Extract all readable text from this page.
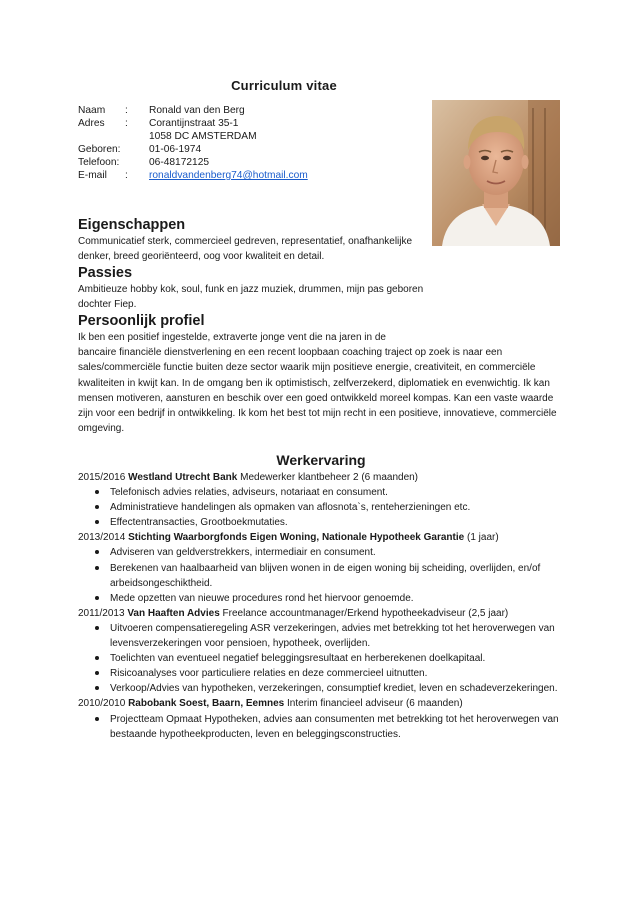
Curriculum vitae
Naam	:	Ronald van den Berg
Adres	:	Corantijnstraat 35-1
1058 DC AMSTERDAM
Geboren:	01-06-1974
Telefoon:	06-48172125
E-mail	:	ronaldvandenberg74@hotmail.com
Eigenschappen

Communicatief sterk, commercieel gedreven, representatief, onafhankelijke denker, breed georiënteerd, oog voor kwaliteit en detail.

Passies

Ambitieuze hobby kok, soul, funk en jazz muziek, drummen, mijn pas geboren dochter Fiep.

Persoonlijk profiel

Ik ben een positief ingestelde, extraverte jonge vent die na jaren in de

bancaire financiële dienstverlening en een recent loopbaan coaching traject op zoek is naar een sales/commerciële functie buiten deze sector waarik mijn positieve energie, creativiteit, en commerciële kwaliteiten in kwijt kan. In de omgang ben ik optimistisch, zelfverzekerd, diplomatiek en evenwichtig. Ik kan mensen motiveren, aansturen en beschik over een goed ontwikkeld moreel kompas. Kan een vaste waarde zijn voor een bedrijf in ontwikkeling. Ik kom het best tot mijn recht in een positieve, innovatieve, commerciële omgeving.

Werkervaring

2015/2016 Westland Utrecht Bank Medewerker klantbeheer 2 (6 maanden)

Telefonisch advies relaties, adviseurs, notariaat en consument.
Administratieve handelingen als opmaken van aflosnota`s, renteherzieningen etc.
Effectentransacties, Grootboekmutaties.

2013/2014 Stichting Waarborgfonds Eigen Woning, Nationale Hypotheek Garantie (1 jaar)

Adviseren van geldverstrekkers, intermediair en consument.
Berekenen van haalbaarheid van blijven wonen in de eigen woning bij scheiding, overlijden, en/of arbeidsongeschiktheid.
Mede opzetten van nieuwe procedures rond het hiervoor genoemde.

2011/2013 Van Haaften Advies Freelance accountmanager/Erkend hypotheekadviseur (2,5 jaar)

Uitvoeren compensatieregeling ASR verzekeringen, advies met betrekking tot het heroverwegen van levensverzekeringen voor pensioen, hypotheek, overlijden.
Toelichten van eventueel negatief beleggingsresultaat en herberekenen doelkapitaal.
Risicoanalyses voor particuliere relaties en deze commercieel uitnutten.
Verkoop/Advies van hypotheken, verzekeringen, consumptief krediet, leven en schadeverzekeringen.

2010/2010 Rabobank Soest, Baarn, Eemnes Interim financieel adviseur (6 maanden)

Projectteam Opmaat Hypotheken, advies aan consumenten met betrekking tot het heroverwegen van bestaande hypotheekproducten, leven en beleggingsconstructies.
